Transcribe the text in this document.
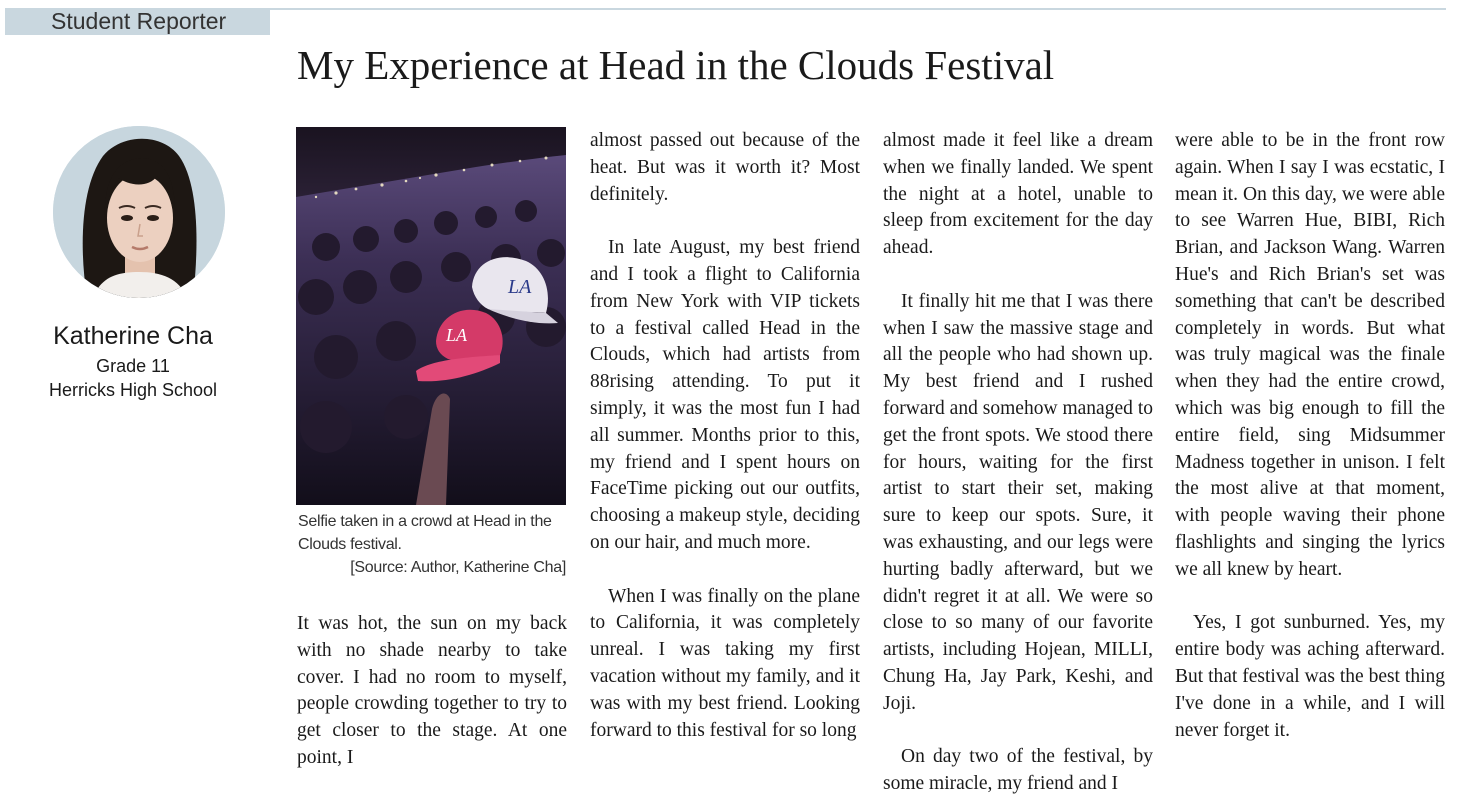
Student Reporter
My Experience at Head in the Clouds Festival
Katherine Cha
Grade 11
Herricks High School
LA
LA
Selfie taken in a crowd at Head in the Clouds festival.
[Source: Author, Katherine Cha]

It was hot, the sun on my back with no shade nearby to take cover. I had no room to myself, people crowding together to try to get closer to the stage. At one point, I

almost passed out because of the heat. But was it worth it? Most definitely.

In late August, my best friend and I took a flight to California from New York with VIP tickets to a festival called Head in the Clouds, which had artists from 88rising attending. To put it simply, it was the most fun I had all summer. Months prior to this, my friend and I spent hours on FaceTime picking out our outfits, choosing a makeup style, deciding on our hair, and much more.

When I was finally on the plane to California, it was completely unreal. I was taking my first vacation without my family, and it was with my best friend. Looking forward to this festival for so long

almost made it feel like a dream when we finally landed. We spent the night at a hotel, unable to sleep from excitement for the day ahead.

It finally hit me that I was there when I saw the massive stage and all the people who had shown up. My best friend and I rushed forward and somehow managed to get the front spots. We stood there for hours, waiting for the first artist to start their set, making sure to keep our spots. Sure, it was exhausting, and our legs were hurting badly afterward, but we didn't regret it at all. We were so close to so many of our favorite artists, including Hojean, MILLI, Chung Ha, Jay Park, Keshi, and Joji.

On day two of the festival, by some miracle, my friend and I

were able to be in the front row again. When I say I was ecstatic, I mean it. On this day, we were able to see Warren Hue, BIBI, Rich Brian, and Jackson Wang. Warren Hue's and Rich Brian's set was something that can't be described completely in words. But what was truly magical was the finale when they had the entire crowd, which was big enough to fill the entire field, sing Midsummer Madness together in unison. I felt the most alive at that moment, with people waving their phone flashlights and singing the lyrics we all knew by heart.

Yes, I got sunburned. Yes, my entire body was aching afterward. But that festival was the best thing I've done in a while, and I will never forget it.
